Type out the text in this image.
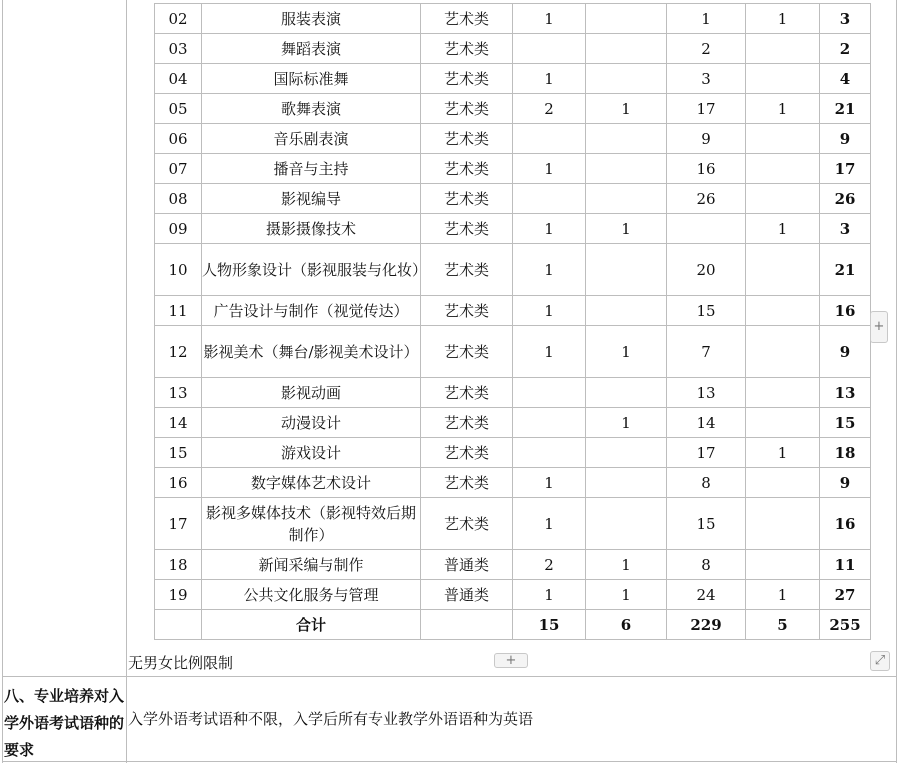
02	服装表演	艺术类	1		1	1	3
03	舞蹈表演	艺术类			2		2
04	国际标准舞	艺术类	1		3		4
05	歌舞表演	艺术类	2	1	17	1	21
06	音乐剧表演	艺术类			9		9
07	播音与主持	艺术类	1		16		17
08	影视编导	艺术类			26		26
09	摄影摄像技术	艺术类	1	1		1	3
10	人物形象设计（影视服装与化妆）	艺术类	1		20		21
11	广告设计与制作（视觉传达）	艺术类	1		15		16
12	影视美术（舞台/影视美术设计）	艺术类	1	1	7		9
13	影视动画	艺术类			13		13
14	动漫设计	艺术类		1	14		15
15	游戏设计	艺术类			17	1	18
16	数字媒体艺术设计	艺术类	1		8		9
17	影视多媒体技术（影视特效后期制作）	艺术类	1		15		16
18	新闻采编与制作	普通类	2	1	8		11
19	公共文化服务与管理	普通类	1	1	24	1	27
	合计		15	6	229	5	255
无男女比例限制
八、专业培养对入学外语考试语种的要求
入学外语考试语种不限，入学后所有专业教学外语语种为英语
+
+	⤢
